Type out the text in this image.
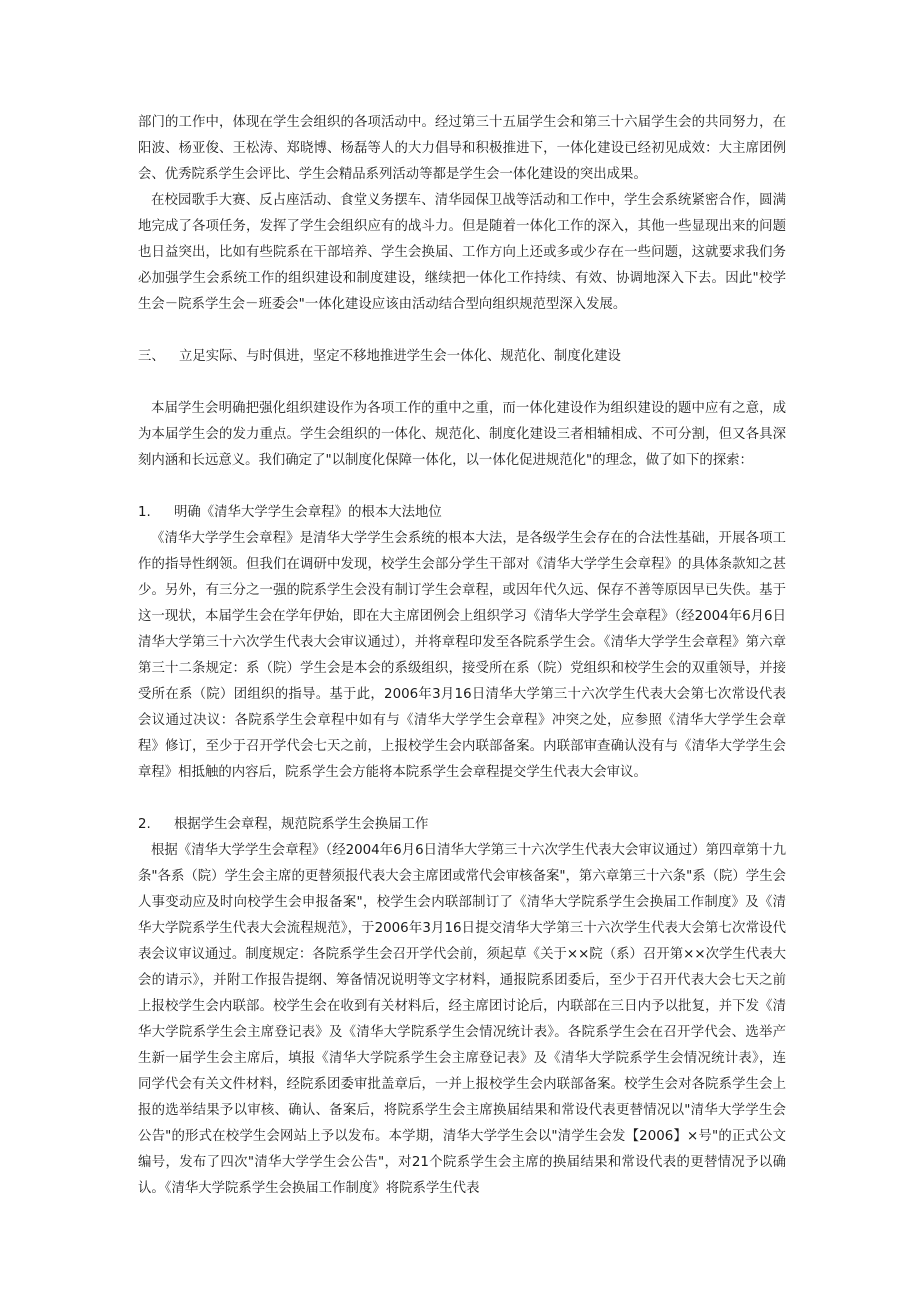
部门的工作中，体现在学生会组织的各项活动中。经过第三十五届学生会和第三十六届学生会的共同努力，在阳波、杨亚俊、王松涛、郑晓博、杨磊等人的大力倡导和积极推进下，一体化建设已经初见成效：大主席团例会、优秀院系学生会评比、学生会精品系列活动等都是学生会一体化建设的突出成果。

在校园歌手大赛、反占座活动、食堂义务摆车、清华园保卫战等活动和工作中，学生会系统紧密合作，圆满地完成了各项任务，发挥了学生会组织应有的战斗力。但是随着一体化工作的深入，其他一些显现出来的问题也日益突出，比如有些院系在干部培养、学生会换届、工作方向上还或多或少存在一些问题，这就要求我们务必加强学生会系统工作的组织建设和制度建设，继续把一体化工作持续、有效、协调地深入下去。因此"校学生会－院系学生会－班委会"一体化建设应该由活动结合型向组织规范型深入发展。

三、	立足实际、与时俱进，坚定不移地推进学生会一体化、规范化、制度化建设

本届学生会明确把强化组织建设作为各项工作的重中之重，而一体化建设作为组织建设的题中应有之意，成为本届学生会的发力重点。学生会组织的一体化、规范化、制度化建设三者相辅相成、不可分割，但又各具深刻内涵和长远意义。我们确定了"以制度化保障一体化，以一体化促进规范化"的理念，做了如下的探索：

1.	明确《清华大学学生会章程》的根本大法地位

《清华大学学生会章程》是清华大学学生会系统的根本大法，是各级学生会存在的合法性基础，开展各项工作的指导性纲领。但我们在调研中发现，校学生会部分学生干部对《清华大学学生会章程》的具体条款知之甚少。另外，有三分之一强的院系学生会没有制订学生会章程，或因年代久远、保存不善等原因早已失佚。基于这一现状，本届学生会在学年伊始，即在大主席团例会上组织学习《清华大学学生会章程》（经2004年6月6日清华大学第三十六次学生代表大会审议通过），并将章程印发至各院系学生会。《清华大学学生会章程》第六章第三十二条规定：系（院）学生会是本会的系级组织，接受所在系（院）党组织和校学生会的双重领导，并接受所在系（院）团组织的指导。基于此，2006年3月16日清华大学第三十六次学生代表大会第七次常设代表会议通过决议：各院系学生会章程中如有与《清华大学学生会章程》冲突之处，应参照《清华大学学生会章程》修订，至少于召开学代会七天之前，上报校学生会内联部备案。内联部审查确认没有与《清华大学学生会章程》相抵触的内容后，院系学生会方能将本院系学生会章程提交学生代表大会审议。

2.	根据学生会章程，规范院系学生会换届工作

根据《清华大学学生会章程》（经2004年6月6日清华大学第三十六次学生代表大会审议通过）第四章第十九条"各系（院）学生会主席的更替须报代表大会主席团或常代会审核备案"，第六章第三十六条"系（院）学生会人事变动应及时向校学生会申报备案"，校学生会内联部制订了《清华大学院系学生会换届工作制度》及《清华大学院系学生代表大会流程规范》，于2006年3月16日提交清华大学第三十六次学生代表大会第七次常设代表会议审议通过。制度规定：各院系学生会召开学代会前，须起草《关于××院（系）召开第××次学生代表大会的请示》，并附工作报告提纲、筹备情况说明等文字材料，通报院系团委后，至少于召开代表大会七天之前上报校学生会内联部。校学生会在收到有关材料后，经主席团讨论后，内联部在三日内予以批复，并下发《清华大学院系学生会主席登记表》及《清华大学院系学生会情况统计表》。各院系学生会在召开学代会、选举产生新一届学生会主席后，填报《清华大学院系学生会主席登记表》及《清华大学院系学生会情况统计表》，连同学代会有关文件材料，经院系团委审批盖章后，一并上报校学生会内联部备案。校学生会对各院系学生会上报的选举结果予以审核、确认、备案后，将院系学生会主席换届结果和常设代表更替情况以"清华大学学生会公告"的形式在校学生会网站上予以发布。本学期，清华大学学生会以"清学生会发【2006】×号"的正式公文编号，发布了四次"清华大学学生会公告"，对21个院系学生会主席的换届结果和常设代表的更替情况予以确认。《清华大学院系学生会换届工作制度》将院系学生代表
